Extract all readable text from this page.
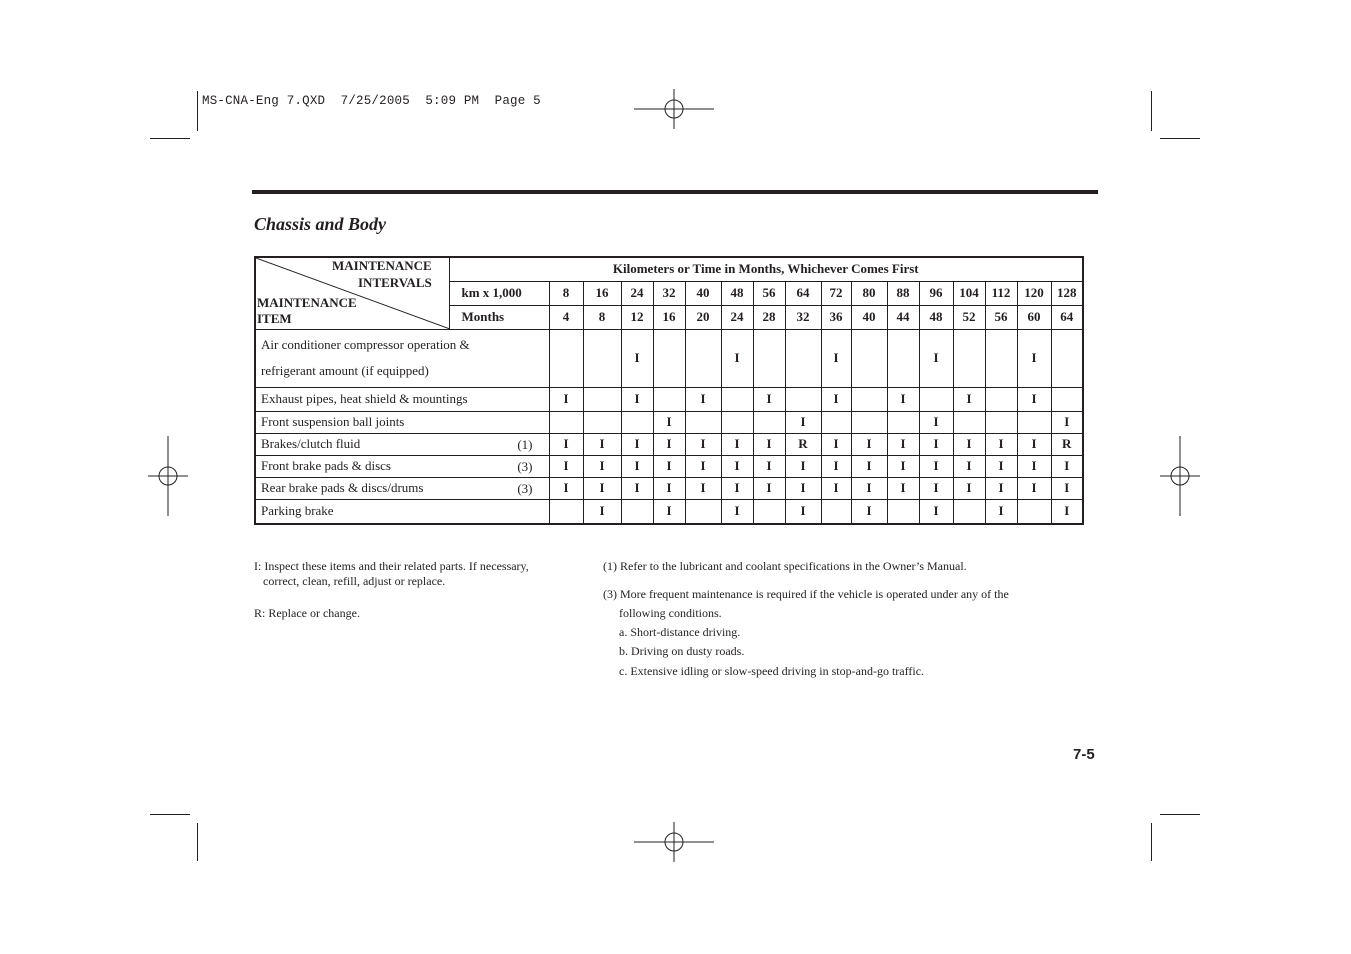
MS-CNA-Eng 7.QXD  7/25/2005  5:09 PM  Page 5
Chassis and Body
MAINTENANCE
INTERVALS
MAINTENANCE
ITEM	Kilometers or Time in Months, Whichever Comes First																
	km x 1,000	8	16	24	32	40	48	56	64	72	80	88	96	104	112	120	128
	Months	4	8	12	16	20	24	28	32	36	40	44	48	52	56	60	64

Air conditioner compressor operation &
refrigerant amount (if equipped)				I			I			I			I			I	
Exhaust pipes, heat shield & mountings		I		I		I		I		I		I		I		I	
Front suspension ball joints					I				I				I				I
Brakes/clutch fluid (1)		I	I	I	I	I	I	I	R	I	I	I	I	I	I	I	R
Front brake pads & discs (3)		I	I	I	I	I	I	I	I	I	I	I	I	I	I	I	I
Rear brake pads & discs/drums (3)		I	I	I	I	I	I	I	I	I	I	I	I	I	I	I	I
Parking brake			I		I		I		I		I		I		I		I
I: Inspect these items and their related parts. If necessary,
correct, clean, refill, adjust or replace.
R: Replace or change.
(1) Refer to the lubricant and coolant specifications in the Owner’s Manual.
(3) More frequent maintenance is required if the vehicle is operated under any of the
following conditions.
a. Short-distance driving.
b. Driving on dusty roads.
c. Extensive idling or slow-speed driving in stop-and-go traffic.
7-5
